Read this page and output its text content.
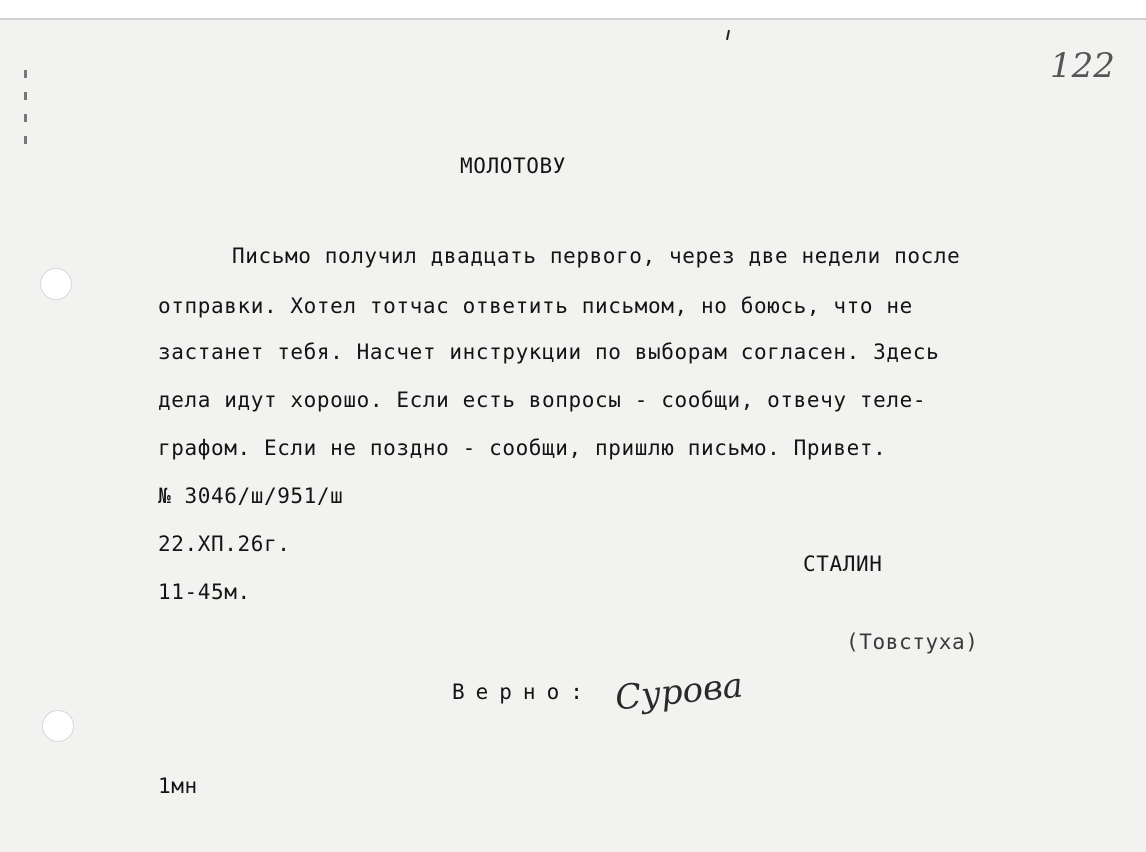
122
МОЛОТОВУ
Письмо получил двадцать первого, через две недели после
отправки. Хотел тотчас ответить письмом, но боюсь, что не
застанет тебя. Насчет инструкции по выборам согласен. Здесь
дела идут хорошо. Если есть вопросы - сообщи, отвечу теле-
графом. Если не поздно - сообщи, пришлю письмо. Привет.
№ 3046/ш/951/ш
22.ХП.26г.
11-45м.
СТАЛИН
(Товстуха)
Верно: Сурова
1мн
